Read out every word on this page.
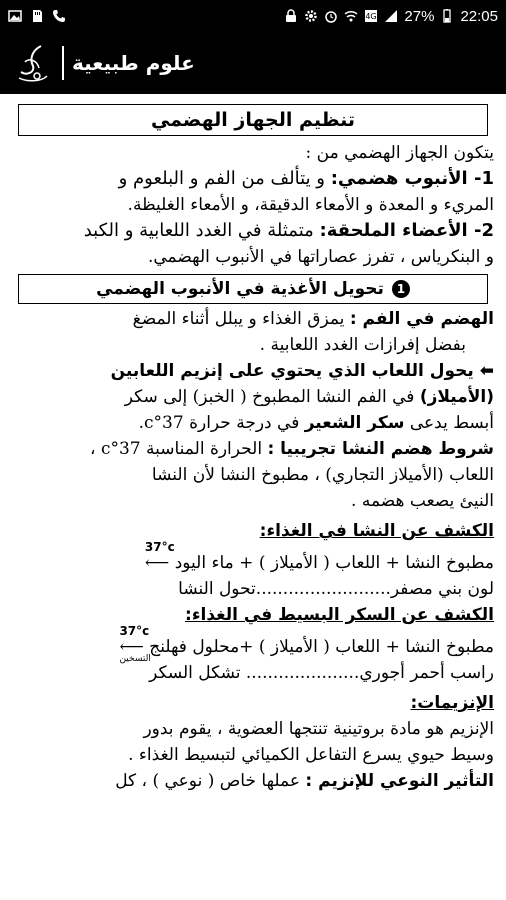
4G 27% 22:05
علوم طبيعية
تنظيم الجهاز الهضمي
يتكون الجهاز الهضمي من :
1- الأنبوب هضمي: و يتألف من الفم و البلعوم و
المريء و المعدة و الأمعاء الدقيقة، و الأمعاء الغليظة.
2- الأعضاء الملحقة: متمثلة في الغدد اللعابية و الكبد
و البنكرياس ، تفرز عصاراتها في الأنبوب الهضمي.
1
تحويل الأغذية في الأنبوب الهضمي
الهضم في الفم : يمزق الغذاء و يبلل أثناء المضغ
بفضل إفرازات الغدد اللعابية .
⬅ يحول اللعاب الذي يحتوي على إنزيم اللعابين
(الأميلاز) في الفم النشا المطبوخ ( الخبز) إلى سكر
أبسط يدعى سكر الشعير في درجة حرارة 37°c.
شروط هضم النشا تجريبيا : الحرارة المناسبة 37°c ،
اللعاب (الأميلاز التجاري) ، مطبوخ النشا لأن النشا
النيئ يصعب هضمه .
الكشف عن النشا في الغذاء:
مطبوخ النشا + اللعاب ( الأميلاز ) + ماء اليود
37°c
⟵
لون بني مصفر.........................تحول النشا
الكشف عن السكر البسيط في الغذاء:
مطبوخ النشا + اللعاب ( الأميلاز ) +محلول فهلنج
37°c
⟵
التسخين
راسب أحمر أجوري..................... تشكل السكر
الإنزيمات:
الإنزيم هو مادة بروتينية تنتجها العضوية ، يقوم بدور
وسيط حيوي يسرع التفاعل الكميائي لتبسيط الغذاء .
التأثير النوعي للإنزيم : عملها خاص ( نوعي ) ، كل
